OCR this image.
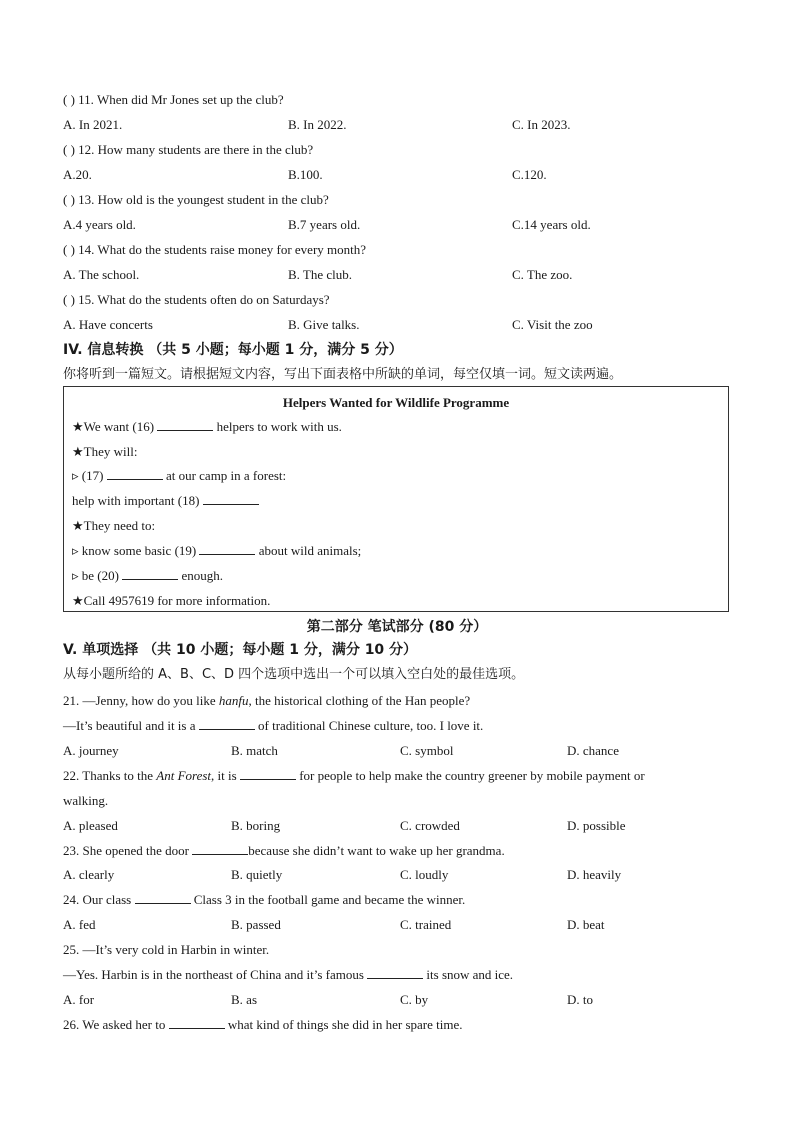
( ) 11. When did Mr Jones set up the club?
A. In 2021.	B. In 2022.	C. In 2023.
( ) 12. How many students are there in the club?
A.20.	B.100.	C.120.
( ) 13. How old is the youngest student in the club?
A.4 years old.	B.7 years old.	C.14 years old.
( ) 14. What do the students raise money for every month?
A. The school.	B. The club.	C. The zoo.
( ) 15. What do the students often do on Saturdays?
A. Have concerts	B. Give talks.	C. Visit the zoo
IV. 信息转换 （共 5 小题；每小题 1 分，满分 5 分）
你将听到一篇短文。请根据短文内容，写出下面表格中所缺的单词，每空仅填一词。短文读两遍。
Helpers Wanted for Wildlife Programme
★We want (16)	helpers to work with us.
★They will:
▹ (17)	at our camp in a forest:
help with important (18)
★They need to:
▹ know some basic (19)	about wild animals;
▹ be (20)	enough.
★Call 4957619 for more information.
第二部分 笔试部分 (80 分）
V. 单项选择 （共 10 小题；每小题 1 分，满分 10 分）
从每小题所给的 A、B、C、D 四个选项中选出一个可以填入空白处的最佳选项。
21. —Jenny, how do you like hanfu, the historical clothing of the Han people?
—It’s beautiful and it is a	of traditional Chinese culture, too. I love it.
A. journey	B. match	C. symbol	D. chance
22. Thanks to the Ant Forest, it is	for people to help make the country greener by mobile payment or
walking.
A. pleased	B. boring	C. crowded	D. possible
23. She opened the door	because she didn’t want to wake up her grandma.
A. clearly	B. quietly	C. loudly	D. heavily
24. Our class	Class 3 in the football game and became the winner.
A. fed	B. passed	C. trained	D. beat
25. —It’s very cold in Harbin in winter.
—Yes. Harbin is in the northeast of China and it’s famous	its snow and ice.
A. for	B. as	C. by	D. to
26. We asked her to	what kind of things she did in her spare time.
